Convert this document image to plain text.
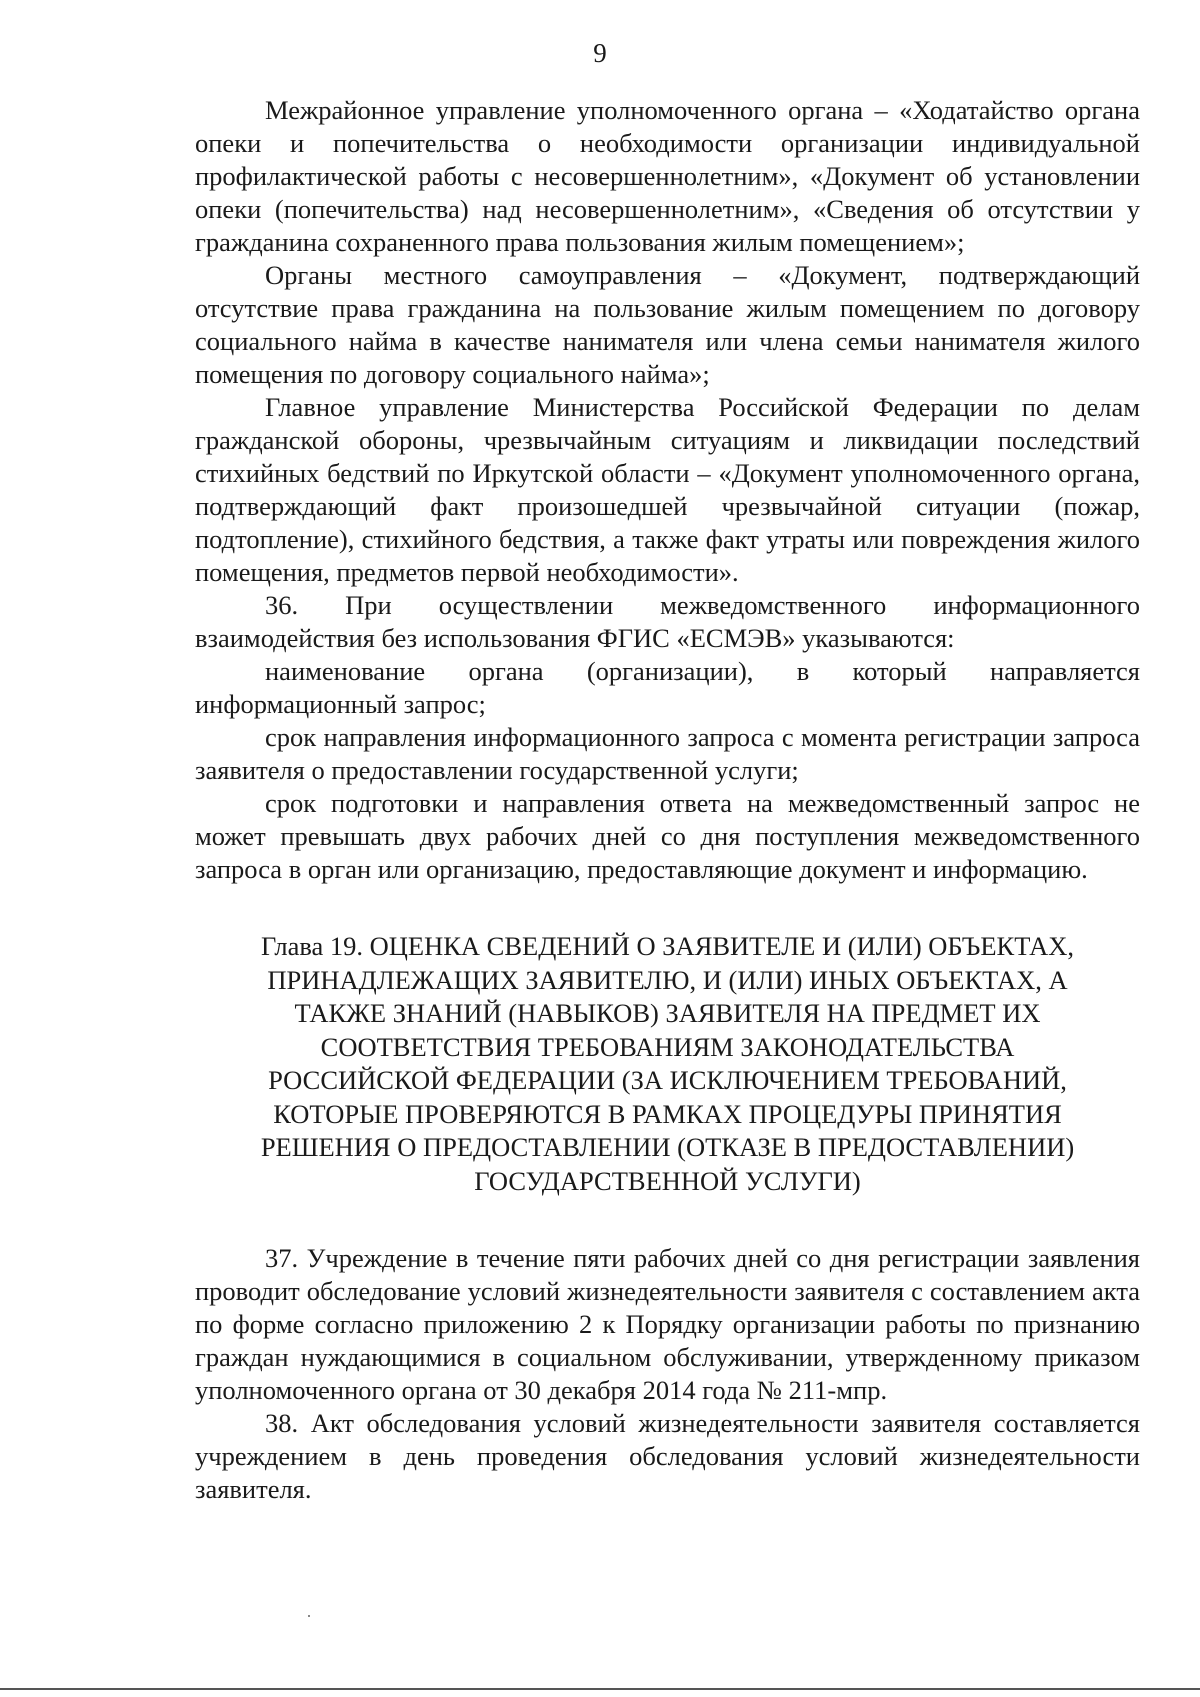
9

Межрайонное управление уполномоченного органа – «Ходатайство органа опеки и попечительства о необходимости организации индивидуальной профилактической работы с несовершеннолетним», «Документ об установлении опеки (попечительства) над несовершеннолетним», «Сведения об отсутствии у гражданина сохраненного права пользования жилым помещением»;

Органы местного самоуправления – «Документ, подтверждающий отсутствие права гражданина на пользование жилым помещением по договору социального найма в качестве нанимателя или члена семьи нанимателя жилого помещения по договору социального найма»;

Главное управление Министерства Российской Федерации по делам гражданской обороны, чрезвычайным ситуациям и ликвидации последствий стихийных бедствий по Иркутской области – «Документ уполномоченного органа, подтверждающий факт произошедшей чрезвычайной ситуации (пожар, подтопление), стихийного бедствия, а также факт утраты или повреждения жилого помещения, предметов первой необходимости».

36. При осуществлении межведомственного информационного взаимодействия без использования ФГИС «ЕСМЭВ» указываются:

наименование органа (организации), в который направляется информационный запрос;

срок направления информационного запроса с момента регистрации запроса заявителя о предоставлении государственной услуги;

срок подготовки и направления ответа на межведомственный запрос не может превышать двух рабочих дней со дня поступления межведомственного запроса в орган или организацию, предоставляющие документ и информацию.

Глава 19. ОЦЕНКА СВЕДЕНИЙ О ЗАЯВИТЕЛЕ И (ИЛИ) ОБЪЕКТАХ,
ПРИНАДЛЕЖАЩИХ ЗАЯВИТЕЛЮ, И (ИЛИ) ИНЫХ ОБЪЕКТАХ, А
ТАКЖЕ ЗНАНИЙ (НАВЫКОВ) ЗАЯВИТЕЛЯ НА ПРЕДМЕТ ИХ
СООТВЕТСТВИЯ ТРЕБОВАНИЯМ ЗАКОНОДАТЕЛЬСТВА
РОССИЙСКОЙ ФЕДЕРАЦИИ (ЗА ИСКЛЮЧЕНИЕМ ТРЕБОВАНИЙ,
КОТОРЫЕ ПРОВЕРЯЮТСЯ В РАМКАХ ПРОЦЕДУРЫ ПРИНЯТИЯ
РЕШЕНИЯ О ПРЕДОСТАВЛЕНИИ (ОТКАЗЕ В ПРЕДОСТАВЛЕНИИ)
ГОСУДАРСТВЕННОЙ УСЛУГИ)

37. Учреждение в течение пяти рабочих дней со дня регистрации заявления проводит обследование условий жизнедеятельности заявителя с составлением акта по форме согласно приложению 2 к Порядку организации работы по признанию граждан нуждающимися в социальном обслуживании, утвержденному приказом уполномоченного органа от 30 декабря 2014 года № 211-мпр.

38. Акт обследования условий жизнедеятельности заявителя составляется учреждением в день проведения обследования условий жизнедеятельности заявителя.
